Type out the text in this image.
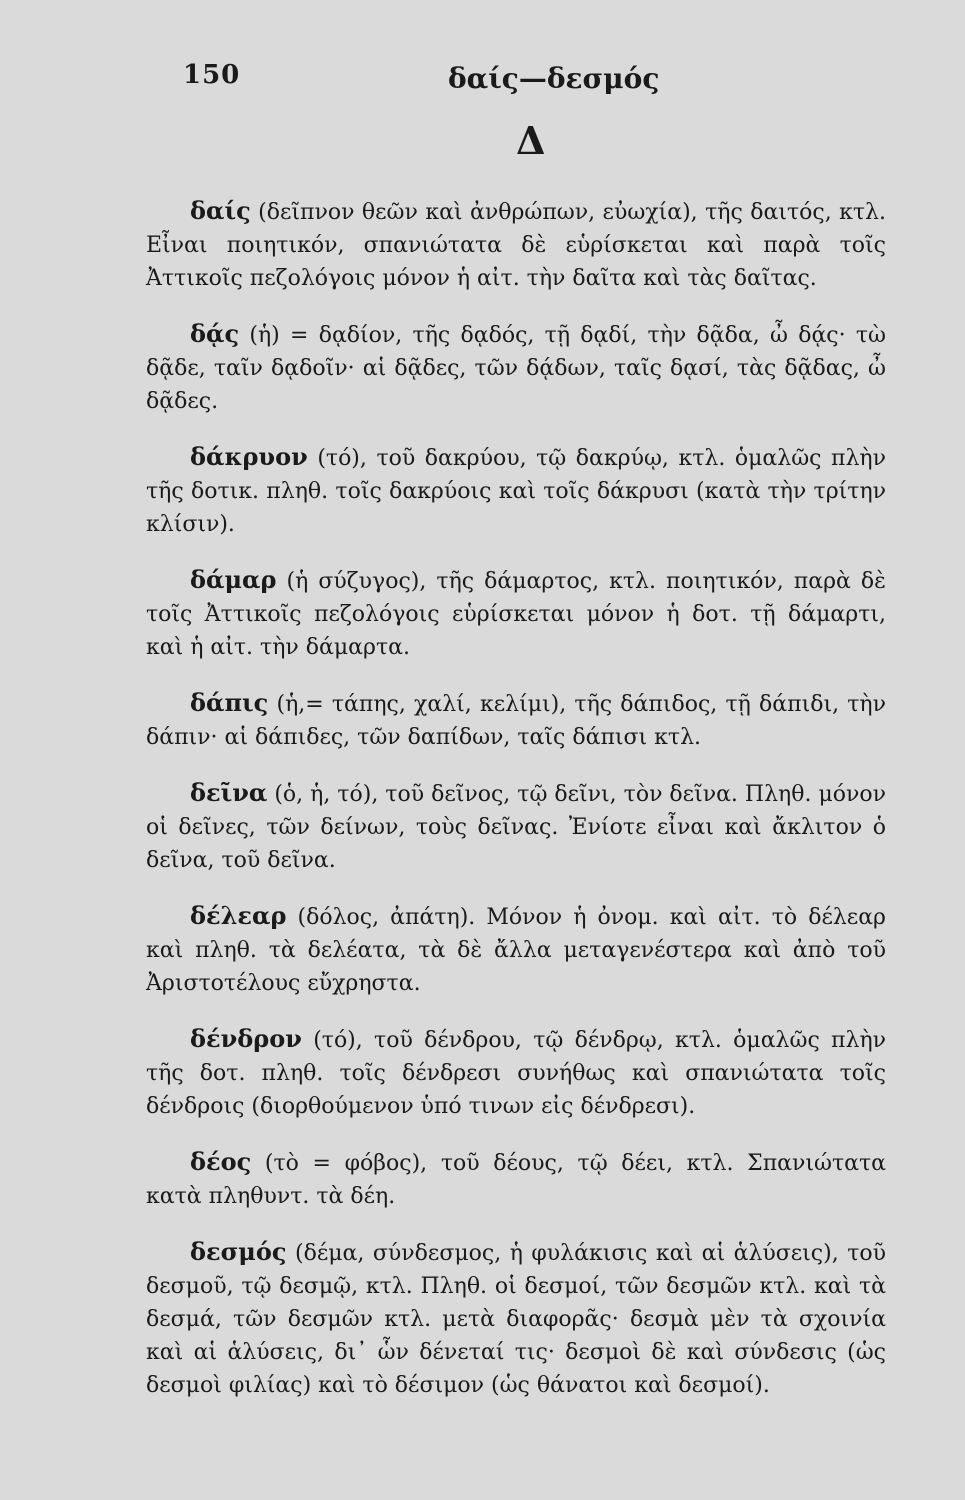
150	δαίς—δεσμός
Δ

δαίς (δεῖπνον θεῶν καὶ ἀνθρώπων, εὐωχία), τῆς δαιτός, κτλ. Εἶναι ποιητικόν, σπανιώτατα δὲ εὑρίσκεται καὶ παρὰ τοῖς Ἀττικοῖς πεζολόγοις μόνον ἡ αἰτ. τὴν δαῖτα καὶ τὰς δαῖτας.

δᾴς (ἡ) = δᾳδίον, τῆς δᾳδός, τῇ δᾳδί, τὴν δᾷδα, ὦ δᾴς· τὼ δᾷδε, ταῖν δᾳδοῖν· αἱ δᾷδες, τῶν δᾴδων, ταῖς δᾳσί, τὰς δᾷδας, ὦ δᾷδες.

δάκρυον (τό), τοῦ δακρύου, τῷ δακρύῳ, κτλ. ὁμαλῶς πλὴν τῆς δοτικ. πληθ. τοῖς δακρύοις καὶ τοῖς δάκρυσι (κατὰ τὴν τρίτην κλίσιν).

δάμαρ (ἡ σύζυγος), τῆς δάμαρτος, κτλ. ποιητικόν, παρὰ δὲ τοῖς Ἀττικοῖς πεζολόγοις εὑρίσκεται μόνον ἡ δοτ. τῇ δάμαρτι, καὶ ἡ αἰτ. τὴν δάμαρτα.

δάπις (ἡ,= τάπης, χαλί, κελίμι), τῆς δάπιδος, τῇ δάπιδι, τὴν δάπιν· αἱ δάπιδες, τῶν δαπίδων, ταῖς δάπισι κτλ.

δεῖνα (ὁ, ἡ, τό), τοῦ δεῖνος, τῷ δεῖνι, τὸν δεῖνα. Πληθ. μόνον οἱ δεῖνες, τῶν δείνων, τοὺς δεῖνας. Ἐνίοτε εἶναι καὶ ἄκλιτον ὁ δεῖνα, τοῦ δεῖνα.

δέλεαρ (δόλος, ἀπάτη). Μόνον ἡ ὀνομ. καὶ αἰτ. τὸ δέλεαρ καὶ πληθ. τὰ δελέατα, τὰ δὲ ἄλλα μεταγενέστερα καὶ ἀπὸ τοῦ Ἀριστοτέλους εὔχρηστα.

δένδρον (τό), τοῦ δένδρου, τῷ δένδρῳ, κτλ. ὁμαλῶς πλὴν τῆς δοτ. πληθ. τοῖς δένδρεσι συνήθως καὶ σπανιώτατα τοῖς δένδροις (διορθούμενον ὑπό τινων εἰς δένδρεσι).

δέος (τὸ = φόβος), τοῦ δέους, τῷ δέει, κτλ. Σπανιώτατα κατὰ πληθυντ. τὰ δέη.

δεσμός (δέμα, σύνδεσμος, ἡ φυλάκισις καὶ αἱ ἁλύσεις), τοῦ δεσμοῦ, τῷ δεσμῷ, κτλ. Πληθ. οἱ δεσμοί, τῶν δεσμῶν κτλ. καὶ τὰ δεσμά, τῶν δεσμῶν κτλ. μετὰ διαφορᾶς· δεσμὰ μὲν τὰ σχοινία καὶ αἱ ἁλύσεις, δι᾽ ὧν δένεταί τις· δεσμοὶ δὲ καὶ σύνδεσις (ὡς δεσμοὶ φιλίας) καὶ τὸ δέσιμον (ὡς θάνατοι καὶ δεσμοί).
